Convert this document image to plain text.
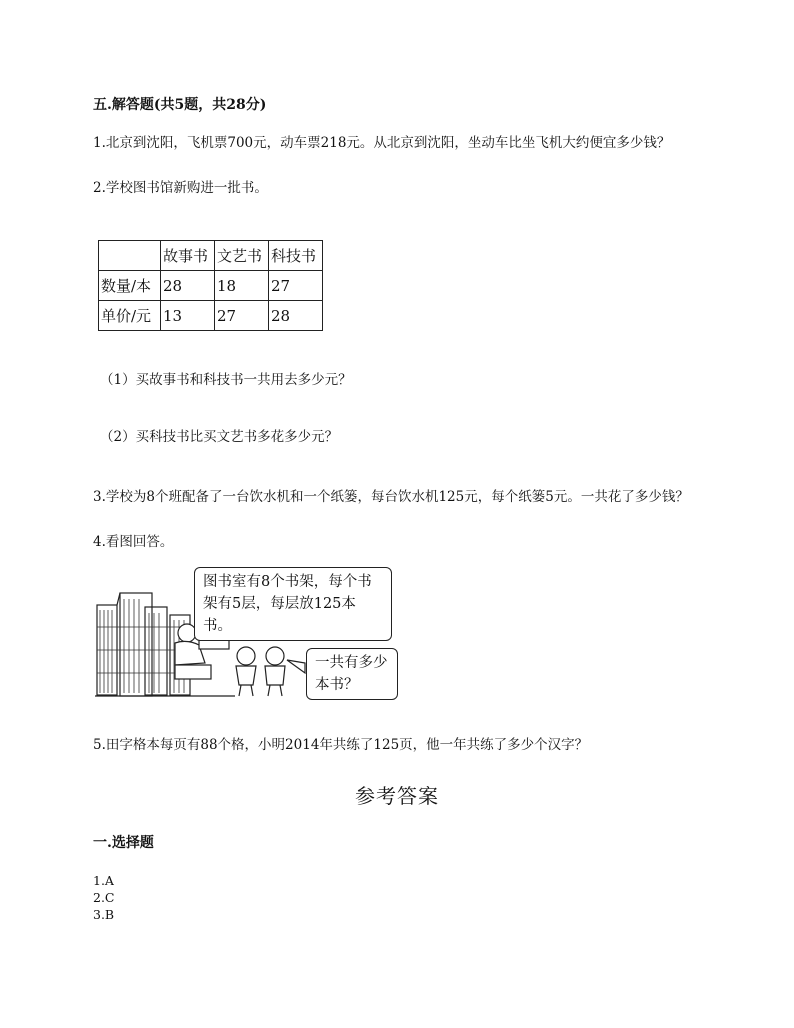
五.解答题(共5题，共28分)
1.北京到沈阳，飞机票700元，动车票218元。从北京到沈阳，坐动车比坐飞机大约便宜多少钱？
2.学校图书馆新购进一批书。
	故事书	文艺书	科技书
数量/本	28	18	27
单价/元	13	27	28
（1）买故事书和科技书一共用去多少元？
（2）买科技书比买文艺书多花多少元？
3.学校为8个班配备了一台饮水机和一个纸篓，每台饮水机125元，每个纸篓5元。一共花了多少钱？
4.看图回答。
图书室有8个书架，每个书架有5层，每层放125本书。
一共有多少本书？
5.田字格本每页有88个格，小明2014年共练了125页，他一年共练了多少个汉字？
参考答案
一.选择题
1.A
2.C
3.B
